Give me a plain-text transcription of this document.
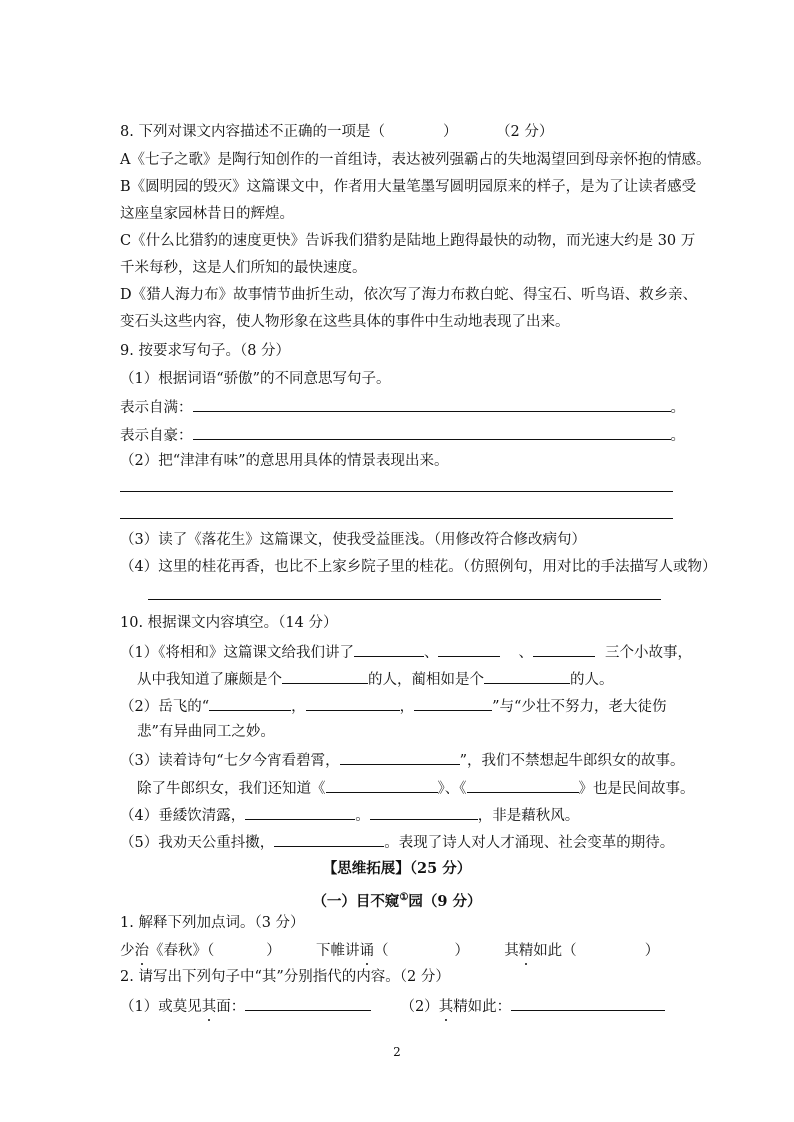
8. 下列对课文内容描述不正确的一项是（	）	（2 分）
A《七子之歌》是陶行知创作的一首组诗，表达被列强霸占的失地渴望回到母亲怀抱的情感。
B《圆明园的毁灭》这篇课文中，作者用大量笔墨写圆明园原来的样子，是为了让读者感受
这座皇家园林昔日的辉煌。
C《什么比猎豹的速度更快》告诉我们猎豹是陆地上跑得最快的动物，而光速大约是 30 万
千米每秒，这是人们所知的最快速度。
D《猎人海力布》故事情节曲折生动，依次写了海力布救白蛇、得宝石、听鸟语、救乡亲、
变石头这些内容，使人物形象在这些具体的事件中生动地表现了出来。
9. 按要求写句子。（8 分）
（1）根据词语“骄傲”的不同意思写句子。
表示自满：	。
表示自豪：	。
（2）把“津津有味”的意思用具体的情景表现出来。
（3）读了《落花生》这篇课文，使我受益匪浅。（用修改符合修改病句）
（4）这里的桂花再香，也比不上家乡院子里的桂花。（仿照例句，用对比的手法描写人或物）
10. 根据课文内容填空。（14 分）
（1）《将相和》这篇课文给我们讲了	、	、	三个小故事，
从中我知道了廉颇是个	的人，蔺相如是个	的人。
（2）岳飞的“	，	，	”与“少壮不努力，老大徒伤
悲”有异曲同工之妙。
（3）读着诗句“七夕今宵看碧霄，	”，我们不禁想起牛郎织女的故事。
除了牛郎织女，我们还知道《	》、《	》也是民间故事。
（4）垂緌饮清露，	。	，非是藉秋风。
（5）我劝天公重抖擞，	。表现了诗人对人才涌现、社会变革的期待。
【思维拓展】（25 分）
（一）目不窥①园（9 分）
1. 解释下列加点词。（3 分）
少治《春秋》（	） 下帷讲诵（	） 其精如此（	）
2. 请写出下列句子中“其”分别指代的内容。（2 分）
（1）或莫见其面：	（2）其精如此：
2
